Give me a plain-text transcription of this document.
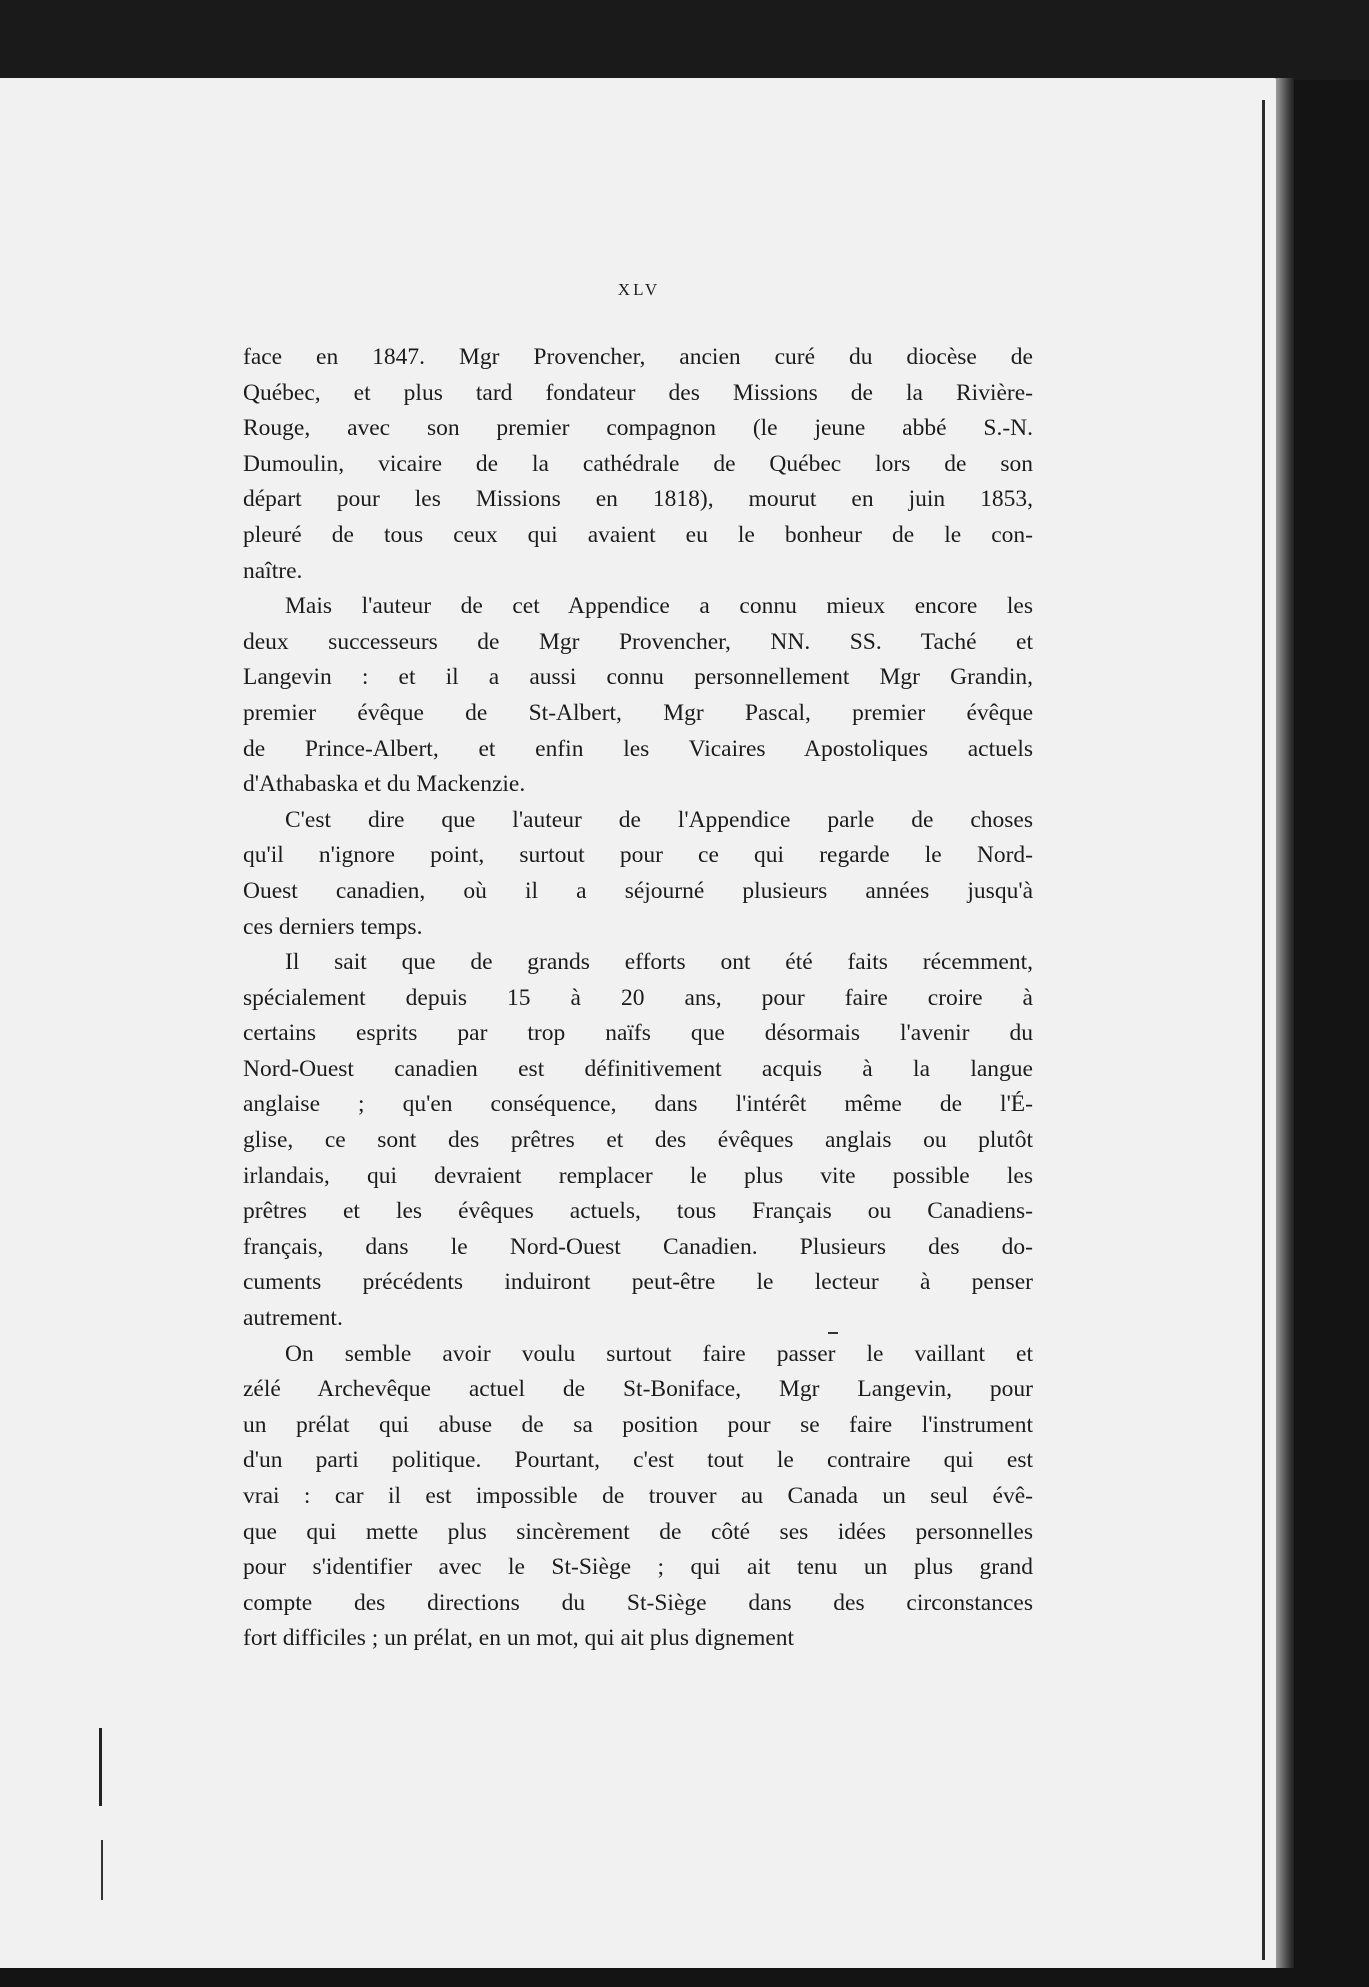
XLV

face en 1847. Mgr Provencher, ancien curé du diocèse de
Québec, et plus tard fondateur des Missions de la Rivière-
Rouge, avec son premier compagnon (le jeune abbé S.-N.
Dumoulin, vicaire de la cathédrale de Québec lors de son
départ pour les Missions en 1818), mourut en juin 1853,
pleuré de tous ceux qui avaient eu le bonheur de le con-
naître.

Mais l'auteur de cet Appendice a connu mieux encore les
deux successeurs de Mgr Provencher, NN. SS. Taché et
Langevin : et il a aussi connu personnellement Mgr Grandin,
premier évêque de St-Albert, Mgr Pascal, premier évêque
de Prince-Albert, et enfin les Vicaires Apostoliques actuels
d'Athabaska et du Mackenzie.

C'est dire que l'auteur de l'Appendice parle de choses
qu'il n'ignore point, surtout pour ce qui regarde le Nord-
Ouest canadien, où il a séjourné plusieurs années jusqu'à
ces derniers temps.

Il sait que de grands efforts ont été faits récemment,
spécialement depuis 15 à 20 ans, pour faire croire à
certains esprits par trop naïfs que désormais l'avenir du
Nord-Ouest canadien est définitivement acquis à la langue
anglaise ; qu'en conséquence, dans l'intérêt même de l'É-
glise, ce sont des prêtres et des évêques anglais ou plutôt
irlandais, qui devraient remplacer le plus vite possible les
prêtres et les évêques actuels, tous Français ou Canadiens-
français, dans le Nord-Ouest Canadien. Plusieurs des do-
cuments précédents induiront peut-être le lecteur à penser
autrement.

On semble avoir voulu surtout faire passer le vaillant et
zélé Archevêque actuel de St-Boniface, Mgr Langevin, pour
un prélat qui abuse de sa position pour se faire l'instrument
d'un parti politique. Pourtant, c'est tout le contraire qui est
vrai : car il est impossible de trouver au Canada un seul évê-
que qui mette plus sincèrement de côté ses idées personnelles
pour s'identifier avec le St-Siège ; qui ait tenu un plus grand
compte des directions du St-Siège dans des circonstances
fort difficiles ; un prélat, en un mot, qui ait plus dignement
